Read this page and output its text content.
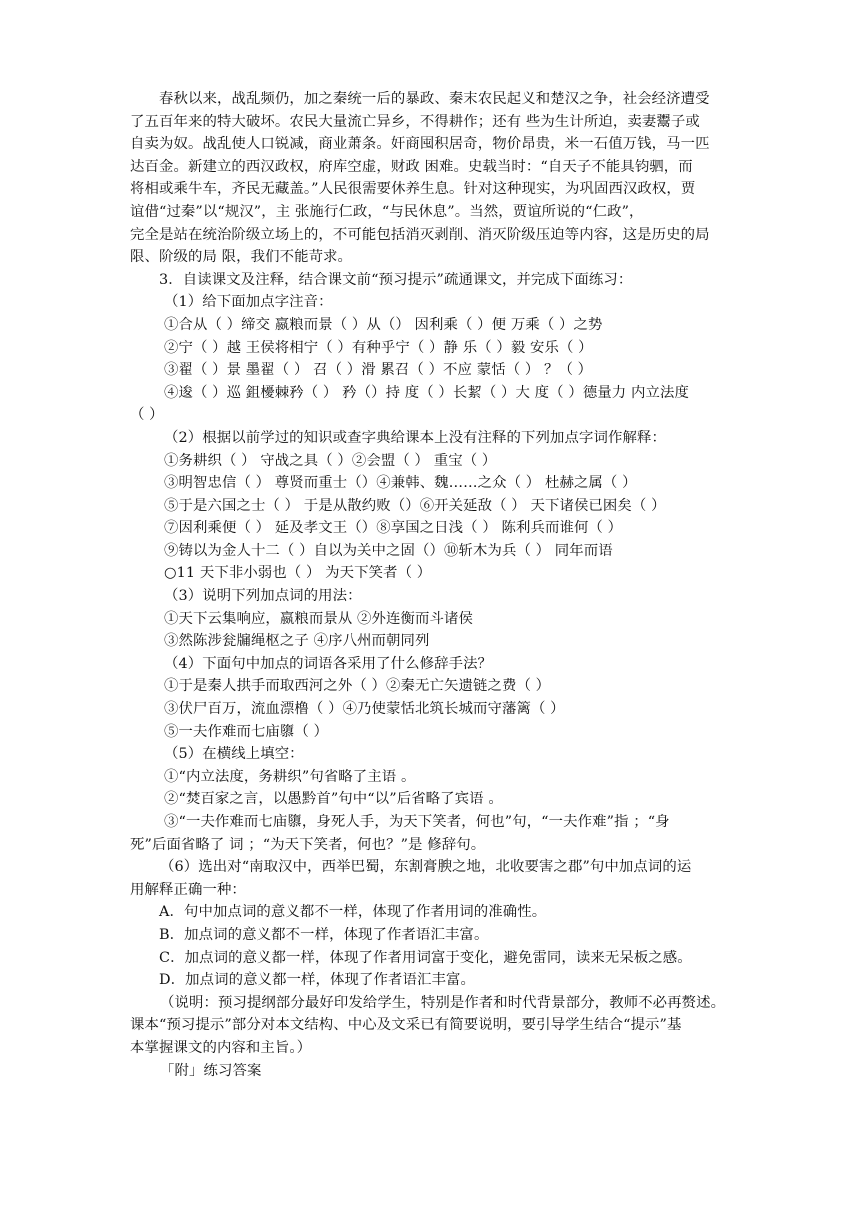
春秋以来，战乱频仍，加之秦统一后的暴政、秦末农民起义和楚汉之争，社会经济遭受
了五百年来的特大破坏。农民大量流亡异乡，不得耕作；还有 些为生计所迫，卖妻鬻子或
自卖为奴。战乱使人口锐减，商业萧条。奸商囤积居奇，物价昂贵，米一石值万钱，马一匹
达百金。新建立的西汉政权，府库空虚，财政 困难。史载当时：“自天子不能具钧驷，而
将相或乘牛车，齐民无藏盖。”人民很需要休养生息。针对这种现实，为巩固西汉政权，贾
谊借“过秦”以“规汉”，主 张施行仁政，“与民休息”。当然，贾谊所说的“仁政”，
完全是站在统治阶级立场上的，不可能包括消灭剥削、消灭阶级压迫等内容，这是历史的局
限、阶级的局 限，我们不能苛求。
3．自读课文及注释，结合课文前“预习提示”疏通课文，并完成下面练习：
（1）给下面加点字注音：
①合从（ ）缔交 嬴粮而景（ ）从（） 因利乘（ ）便 万乘（ ）之势
②宁（ ）越 王侯将相宁（ ）有种乎宁（ ）静 乐（ ）毅 安乐（ ）
③翟（ ）景 墨翟（ ） 召（ ）滑 累召（ ）不应 蒙恬（ ） ？（ ）
④逡（ ）巡 鉏櫌棘矜（ ） 矜（）持 度（ ）长絜（ ）大 度（ ）德量力 内立法度
（ ）
（2）根据以前学过的知识或查字典给课本上没有注释的下列加点字词作解释：
①务耕织（ ） 守战之具（ ）②会盟（ ） 重宝（ ）
③明智忠信（ ） 尊贤而重士（）④兼韩、魏……之众（ ） 杜赫之属（ ）
⑤于是六国之士（ ） 于是从散约败（）⑥开关延敌（ ） 天下诸侯已困矣（ ）
⑦因利乘便（ ） 延及孝文王（）⑧享国之日浅（ ） 陈利兵而谁何（ ）
⑨铸以为金人十二（ ）自以为关中之固（）⑩斩木为兵（ ） 同年而语
○11 天下非小弱也（ ） 为天下笑者（ ）
（3）说明下列加点词的用法：
①天下云集响应，嬴粮而景从 ②外连衡而斗诸侯
③然陈涉瓮牖绳枢之子 ④序八州而朝同列
（4）下面句中加点的词语各采用了什么修辞手法？
①于是秦人拱手而取西河之外（ ）②秦无亡矢遗链之费（ ）
③伏尸百万，流血漂橹（ ）④乃使蒙恬北筑长城而守藩篱（ ）
⑤一夫作难而七庙隳（ ）
（5）在横线上填空：
①“内立法度，务耕织”句省略了主语 。
②“焚百家之言，以愚黔首”句中“以”后省略了宾语 。
③“一夫作难而七庙隳，身死人手，为天下笑者，何也”句，“一夫作难”指 ；“身
死”后面省略了 词 ；“为天下笑者，何也？”是 修辞句。
（6）选出对“南取汉中，西举巴蜀，东割膏腴之地，北收要害之郡”句中加点词的运
用解释正确一种：
A．句中加点词的意义都不一样，体现了作者用词的准确性。
B．加点词的意义都不一样，体现了作者语汇丰富。
C．加点词的意义都一样，体现了作者用词富于变化，避免雷同，读来无呆板之感。
D．加点词的意义都一样，体现了作者语汇丰富。
（说明：预习提纲部分最好印发给学生，特别是作者和时代背景部分，教师不必再赘述。
课本“预习提示”部分对本文结构、中心及文采已有简要说明，要引导学生结合“提示”基
本掌握课文的内容和主旨。）
「附」练习答案
